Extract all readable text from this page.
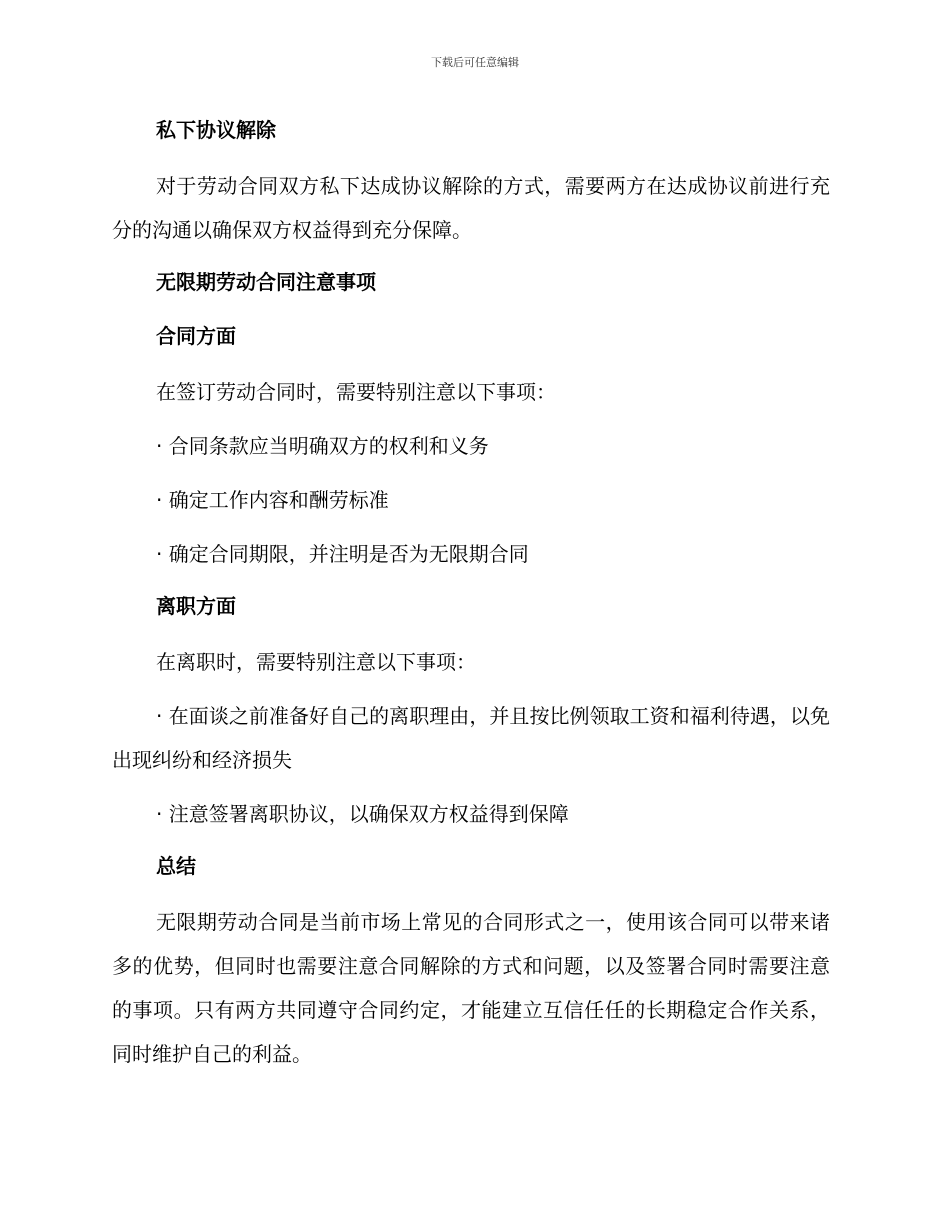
下载后可任意编辑
私下协议解除

对于劳动合同双方私下达成协议解除的方式，需要两方在达成协议前进行充分的沟通以确保双方权益得到充分保障。

无限期劳动合同注意事项
合同方面

在签订劳动合同时，需要特别注意以下事项：

· 合同条款应当明确双方的权利和义务

· 确定工作内容和酬劳标准

· 确定合同期限，并注明是否为无限期合同

离职方面

在离职时，需要特别注意以下事项：

· 在面谈之前准备好自己的离职理由，并且按比例领取工资和福利待遇，以免出现纠纷和经济损失

· 注意签署离职协议，以确保双方权益得到保障

总结

无限期劳动合同是当前市场上常见的合同形式之一，使用该合同可以带来诸多的优势，但同时也需要注意合同解除的方式和问题，以及签署合同时需要注意的事项。只有两方共同遵守合同约定，才能建立互信任任的长期稳定合作关系，同时维护自己的利益。
